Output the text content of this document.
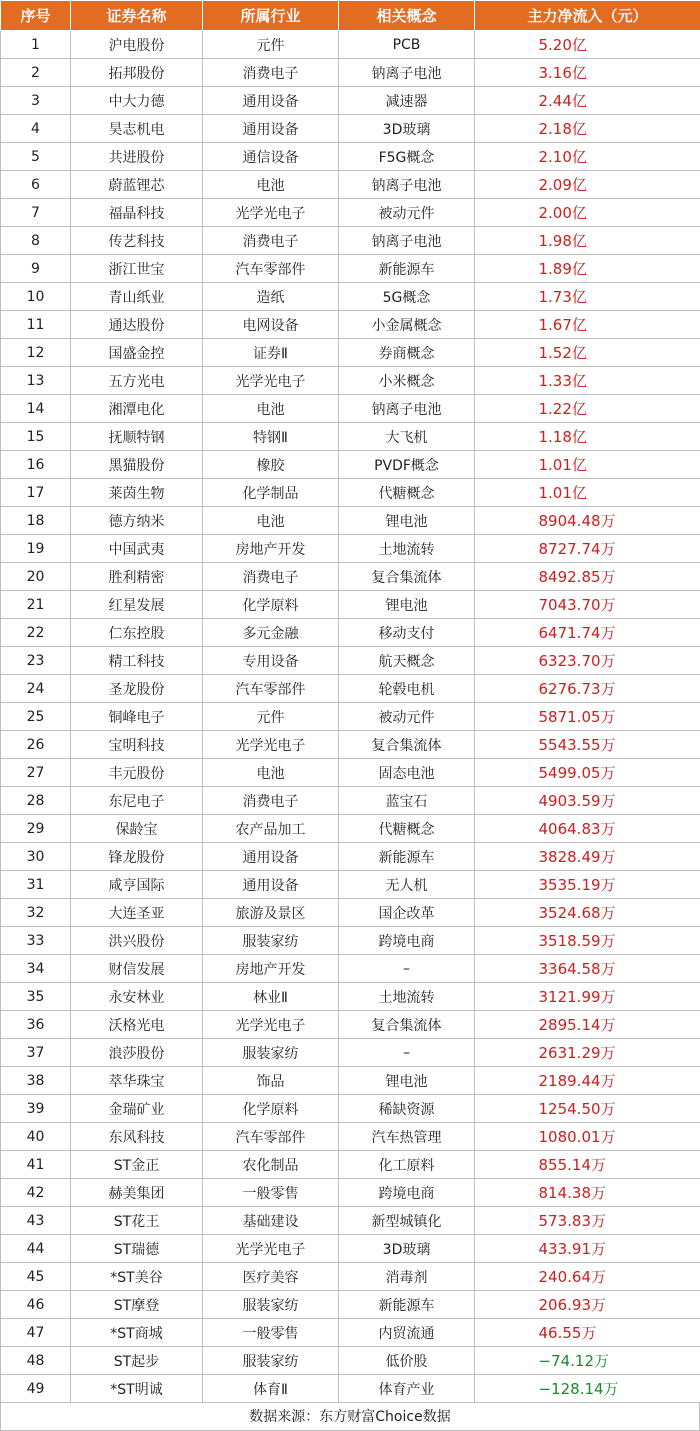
序号	证券名称	所属行业	相关概念	主力净流入（元）
1	沪电股份	元件	PCB	5.20亿
2	拓邦股份	消费电子	钠离子电池	3.16亿
3	中大力德	通用设备	减速器	2.44亿
4	昊志机电	通用设备	3D玻璃	2.18亿
5	共进股份	通信设备	F5G概念	2.10亿
6	蔚蓝锂芯	电池	钠离子电池	2.09亿
7	福晶科技	光学光电子	被动元件	2.00亿
8	传艺科技	消费电子	钠离子电池	1.98亿
9	浙江世宝	汽车零部件	新能源车	1.89亿
10	青山纸业	造纸	5G概念	1.73亿
11	通达股份	电网设备	小金属概念	1.67亿
12	国盛金控	证券Ⅱ	券商概念	1.52亿
13	五方光电	光学光电子	小米概念	1.33亿
14	湘潭电化	电池	钠离子电池	1.22亿
15	抚顺特钢	特钢Ⅱ	大飞机	1.18亿
16	黑猫股份	橡胶	PVDF概念	1.01亿
17	莱茵生物	化学制品	代糖概念	1.01亿
18	德方纳米	电池	锂电池	8904.48万
19	中国武夷	房地产开发	土地流转	8727.74万
20	胜利精密	消费电子	复合集流体	8492.85万
21	红星发展	化学原料	锂电池	7043.70万
22	仁东控股	多元金融	移动支付	6471.74万
23	精工科技	专用设备	航天概念	6323.70万
24	圣龙股份	汽车零部件	轮毂电机	6276.73万
25	铜峰电子	元件	被动元件	5871.05万
26	宝明科技	光学光电子	复合集流体	5543.55万
27	丰元股份	电池	固态电池	5499.05万
28	东尼电子	消费电子	蓝宝石	4903.59万
29	保龄宝	农产品加工	代糖概念	4064.83万
30	锋龙股份	通用设备	新能源车	3828.49万
31	咸亨国际	通用设备	无人机	3535.19万
32	大连圣亚	旅游及景区	国企改革	3524.68万
33	洪兴股份	服装家纺	跨境电商	3518.59万
34	财信发展	房地产开发	–	3364.58万
35	永安林业	林业Ⅱ	土地流转	3121.99万
36	沃格光电	光学光电子	复合集流体	2895.14万
37	浪莎股份	服装家纺	–	2631.29万
38	萃华珠宝	饰品	锂电池	2189.44万
39	金瑞矿业	化学原料	稀缺资源	1254.50万
40	东风科技	汽车零部件	汽车热管理	1080.01万
41	ST金正	农化制品	化工原料	855.14万
42	赫美集团	一般零售	跨境电商	814.38万
43	ST花王	基础建设	新型城镇化	573.83万
44	ST瑞德	光学光电子	3D玻璃	433.91万
45	*ST美谷	医疗美容	消毒剂	240.64万
46	ST摩登	服装家纺	新能源车	206.93万
47	*ST商城	一般零售	内贸流通	46.55万
48	ST起步	服装家纺	低价股	−74.12万
49	*ST明诚	体育Ⅱ	体育产业	−128.14万
数据来源：东方财富Choice数据
